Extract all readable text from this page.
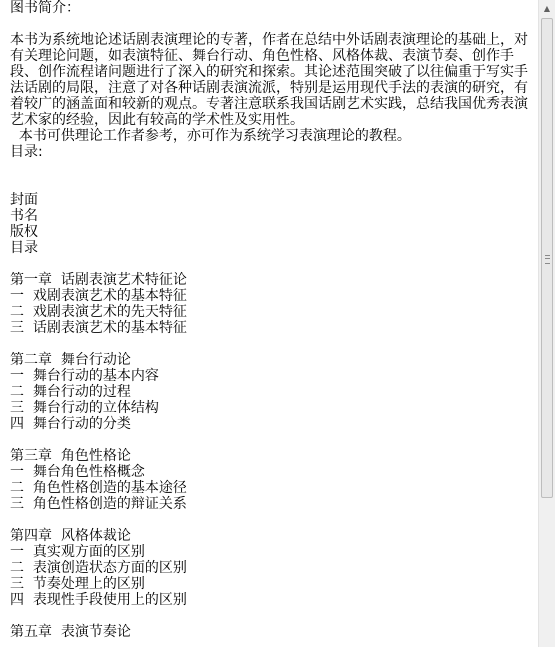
图书简介：
本书为系统地论述话剧表演理论的专著，作者在总结中外话剧表演理论的基础上，对有关理论问题，如表演特征、舞台行动、角色性格、风格体裁、表演节奏、创作手段、创作流程诸问题进行了深入的研究和探索。其论述范围突破了以往偏重于写实手法话剧的局限，注意了对各种话剧表演流派，特别是运用现代手法的表演的研究，有着较广的涵盖面和较新的观点。专著注意联系我国话剧艺术实践，总结我国优秀表演艺术家的经验，因此有较高的学术性及实用性。
本书可供理论工作者参考，亦可作为系统学习表演理论的教程。
目录:
封面
书名
版权
目录
第一章  话剧表演艺术特征论
一  戏剧表演艺术的基本特征
二  戏剧表演艺术的先天特征
三  话剧表演艺术的基本特征
第二章  舞台行动论
一  舞台行动的基本内容
二  舞台行动的过程
三  舞台行动的立体结构
四  舞台行动的分类
第三章  角色性格论
一  舞台角色性格概念
二  角色性格创造的基本途径
三  角色性格创造的辩证关系
第四章  风格体裁论
一  真实观方面的区别
二  表演创造状态方面的区别
三  节奏处理上的区别
四  表现性手段使用上的区别
第五章  表演节奏论
▲
